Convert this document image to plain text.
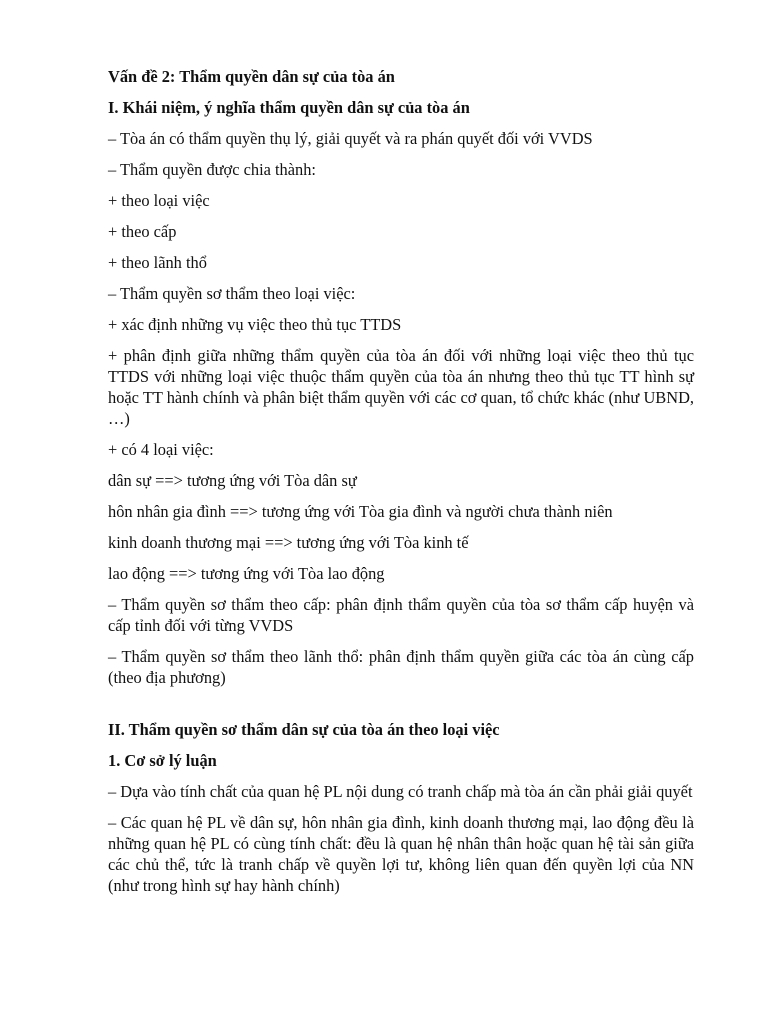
Vấn đề 2: Thẩm quyền dân sự của tòa án

I. Khái niệm, ý nghĩa thẩm quyền dân sự của tòa án

– Tòa án có thẩm quyền thụ lý, giải quyết và ra phán quyết đối với VVDS

– Thẩm quyền được chia thành:

+ theo loại việc

+ theo cấp

+ theo lãnh thổ

– Thẩm quyền sơ thẩm theo loại việc:

+ xác định những vụ việc theo thủ tục TTDS

+ phân định giữa những thẩm quyền của tòa án đối với những loại việc theo thủ tục TTDS với những loại việc thuộc thẩm quyền của tòa án nhưng theo thủ tục TT hình sự hoặc TT hành chính và phân biệt thẩm quyền với các cơ quan, tổ chức khác (như UBND, …)

+ có 4 loại việc:

dân sự ==> tương ứng với Tòa dân sự

hôn nhân gia đình ==> tương ứng với Tòa gia đình và người chưa thành niên

kinh doanh thương mại ==> tương ứng với Tòa kinh tế

lao động ==> tương ứng với Tòa lao động

– Thẩm quyền sơ thẩm theo cấp: phân định thẩm quyền của tòa sơ thẩm cấp huyện và cấp tỉnh đối với từng VVDS

– Thẩm quyền sơ thẩm theo lãnh thổ: phân định thẩm quyền giữa các tòa án cùng cấp (theo địa phương)

II. Thẩm quyền sơ thẩm dân sự của tòa án theo loại việc

1. Cơ sở lý luận

– Dựa vào tính chất của quan hệ PL nội dung có tranh chấp mà tòa án cần phải giải quyết

– Các quan hệ PL về dân sự, hôn nhân gia đình, kinh doanh thương mại, lao động đều là những quan hệ PL có cùng tính chất: đều là quan hệ nhân thân hoặc quan hệ tài sản giữa các chủ thể, tức là tranh chấp về quyền lợi tư, không liên quan đến quyền lợi của NN (như trong hình sự hay hành chính)
